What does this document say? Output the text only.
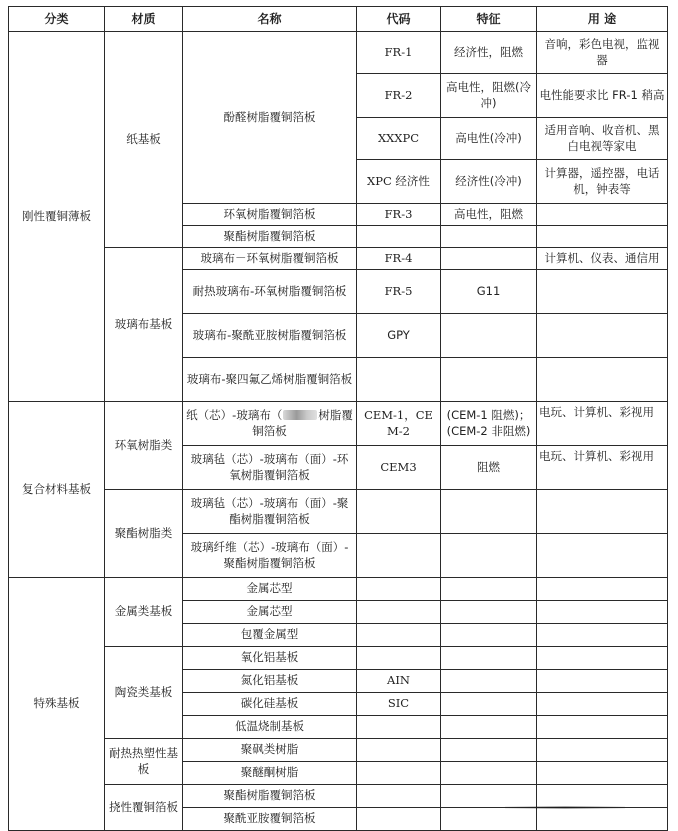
分类	材质	名称	代码	特征	用 途
刚性覆铜薄板	纸基板	酚醛树脂覆铜箔板	FR-1	经济性，阻燃	音响，彩色电视，监视器
			FR-2	高电性，阻燃(冷冲)	电性能要求比 FR-1 稍高
			XXXPC	高电性(冷冲)	适用音响、收音机、黑白电视等家电
			XPC 经济性	经济性(冷冲)	计算器，遥控器，电话机，钟表等
		环氧树脂覆铜箔板	FR-3	高电性，阻燃	
		聚酯树脂覆铜箔板			
	玻璃布基板	玻璃布－环氧树脂覆铜箔板	FR-4		计算机、仪表、通信用
		耐热玻璃布-环氧树脂覆铜箔板	FR-5	G11	
		玻璃布-聚酰亚胺树脂覆铜箔板	GPY		
		玻璃布-聚四氟乙烯树脂覆铜箔板			
复合材料基板	环氧树脂类	纸（芯）-玻璃布（ 树脂覆铜箔板	CEM-1，CEM-2	(CEM-1 阻燃)；(CEM-2 非阻燃)	电玩、计算机、彩视用
		玻璃毡（芯）-玻璃布（面）-环氧树脂覆铜箔板	CEM3	阻燃	电玩、计算机、彩视用
	聚酯树脂类	玻璃毡（芯）-玻璃布（面）-聚酯树脂覆铜箔板			
		玻璃纤维（芯）-玻璃布（面）-聚酯树脂覆铜箔板			
特殊基板	金属类基板	金属芯型			
		金属芯型			
		包覆金属型			
	陶瓷类基板	氧化铝基板			
		氮化铝基板	AIN		
		碳化硅基板	SIC		
		低温烧制基板			
	耐热热塑性基板	聚砜类树脂			
		聚醚酮树脂			
	挠性覆铜箔板	聚酯树脂覆铜箔板			
		聚酰亚胺覆铜箔板			
